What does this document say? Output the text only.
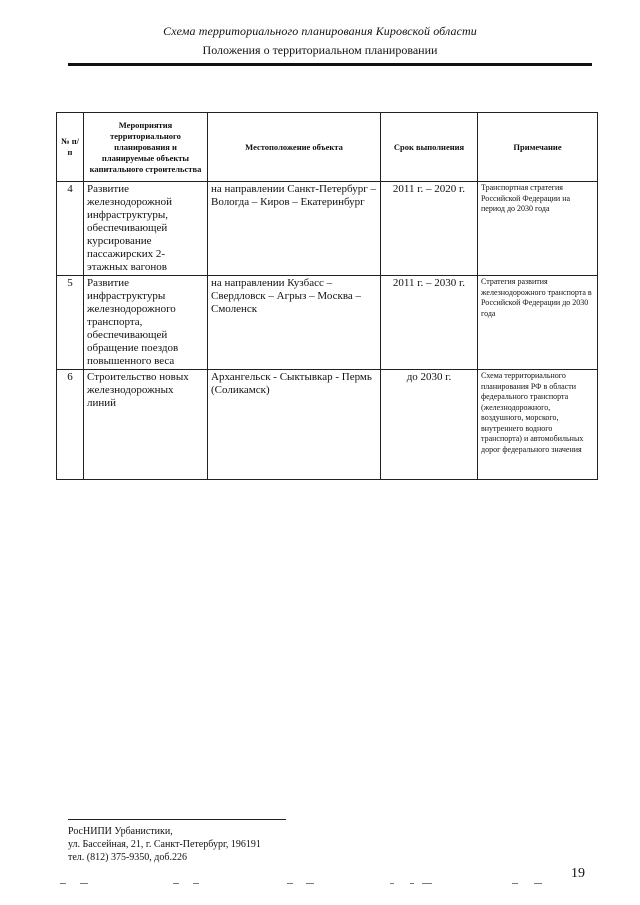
Схема территориального планирования Кировской области
Положения о территориальном планировании
№ п/п	Мероприятия территориального планирования и планируемые объекты капитального строительства	Местоположение объекта	Срок выполнения	Примечание
4	Развитие железнодорожной инфраструктуры, обеспечивающей курсирование пассажирских 2-этажных вагонов	на направлении Санкт-Петербург – Вологда – Киров – Екатеринбург	2011 г. – 2020 г.	Транспортная стратегия Российской Федерации на период до 2030 года
5	Развитие инфраструктуры железнодорожного транспорта, обеспечивающей обращение поездов повышенного веса	на направлении Кузбасс – Свердловск – Агрыз – Москва – Смоленск	2011 г. – 2030 г.	Стратегия развития железнодорожного транспорта в Российской Федерации до 2030 года
6	Строительство новых железнодорожных линий	Архангельск - Сыктывкар - Пермь (Соликамск)	до 2030 г.	Схема территориального планирования РФ в области федерального транспорта (железнодорожного, воздушного, морского, внутреннего водного транспорта) и автомобильных дорог федерального значения
РосНИПИ Урбанистики,
ул. Бассейная, 21, г. Санкт-Петербург, 196191
тел. (812) 375-9350, доб.226
19
